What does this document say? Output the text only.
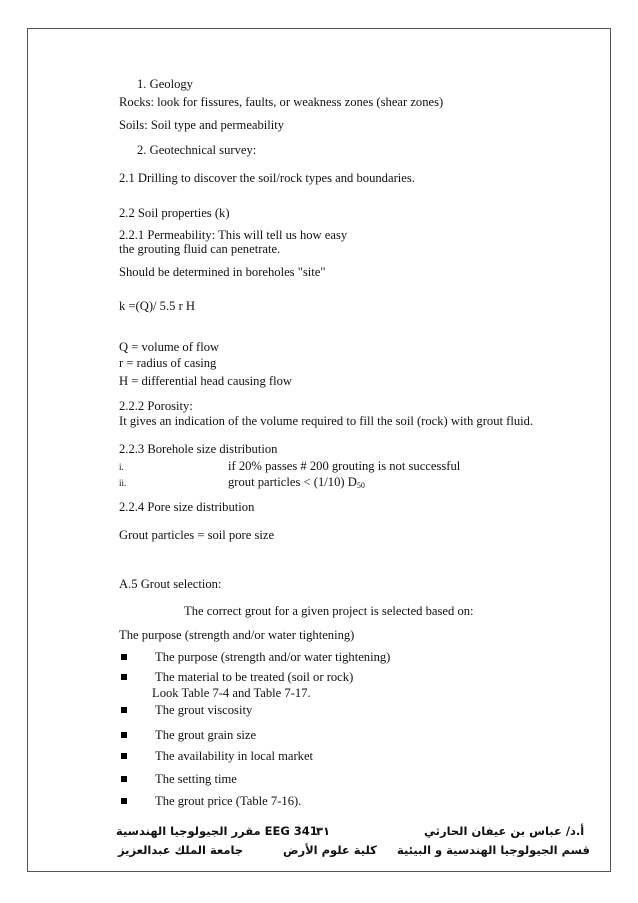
1. Geology
Rocks: look for fissures, faults, or weakness zones (shear zones)
Soils: Soil type and permeability
2. Geotechnical survey:
2.1 Drilling to discover the soil/rock types and boundaries.
2.2 Soil properties (k)
2.2.1 Permeability: This will tell us how easy
the grouting fluid can penetrate.
Should be determined in boreholes "site"
k =(Q)/ 5.5 r H
Q = volume of flow
r = radius of casing
H = differential head causing flow
2.2.2 Porosity:
It gives an indication of the volume required to fill the soil (rock) with grout fluid.
2.2.3 Borehole size distribution
i.	if 20% passes # 200 grouting is not successful
ii.	grout particles < (1/10) $D_{50}$
2.2.4 Pore size distribution
Grout particles = soil pore size
A.5 Grout selection:
The correct grout for a given project is selected based on:
The purpose (strength and/or water tightening)
The purpose (strength and/or water tightening)
The material to be treated (soil or rock)
Look Table 7-4 and Table 7-17.
The grout viscosity
The grout grain size
The availability in local market
The setting time
The grout price (Table 7-16).
EEG 341 مقرر الجيولوجيا الهندسية
٣١	أ.د/ عباس بن عيفان الحارثي
جامعة الملك عبدالعزيز	كلية علوم الأرض قسم الجيولوجيا الهندسية و البيئية
